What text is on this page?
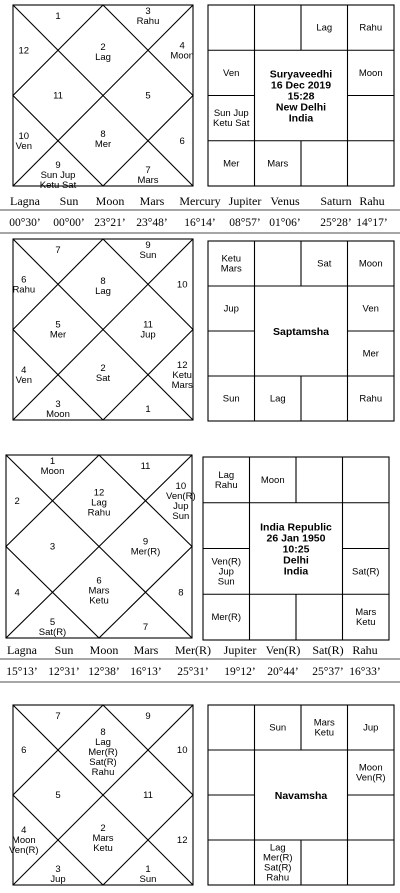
2
Lag
1
12
11
10
Ven
9
Sun Jup
Ketu Sat
8
Mer
7
Mars
6
5
4
Moon
3
Rahu
Lag	Rahu
Ven	Moon
Sun Jup
Ketu Sat
Mer	Mars
Suryaveedhi
16 Dec 2019
15:28
New Delhi
India
Lagna Sun Moon Mars Mercury Jupiter Venus Saturn Rahu
00°30’ 00°00’ 23°21’ 23°48’ 16°14’ 08°57’ 01°06’ 25°28’ 14°17’
8
Lag
7
6
Rahu
5
Mer
4
Ven
3
Moon
2
Sat
1
12
Ketu
Mars
11
Jup
10
9
Sun	Ketu
Mars	Sat	Moon
Jup	Ven
Mer
Sun	Lag	Rahu
Saptamsha
12
Lag
Rahu
11
10
Ven(R)
Jup
Sun
9
Mer(R)
8
7
6
Mars
Ketu
5
Sat(R)
4
3
2
1
Moon	Lag
Rahu Moon
Ven(R)
Jup
Sun
Sat(R)
Mer(R)	Mars
Ketu
India Republic
26 Jan 1950
10:25
Delhi
India
Lagna Sun Moon Mars Mer(R) Jupiter Ven(R) Sat(R) Rahu
15°13’ 12°31’ 12°38’ 16°13’ 25°31’ 19°12’ 20°44’ 25°37’ 16°33’
8
Lag
Mer(R)
Sat(R)
Rahu
7
6
5
4
Moon
Ven(R)
3
Jup
2
Mars
Ketu
1
Sun
12
11
10
9
Sun	Mars
Ketu	Jup
Moon
Ven(R)
Lag
Mer(R)
Sat(R)
Rahu
Navamsha
